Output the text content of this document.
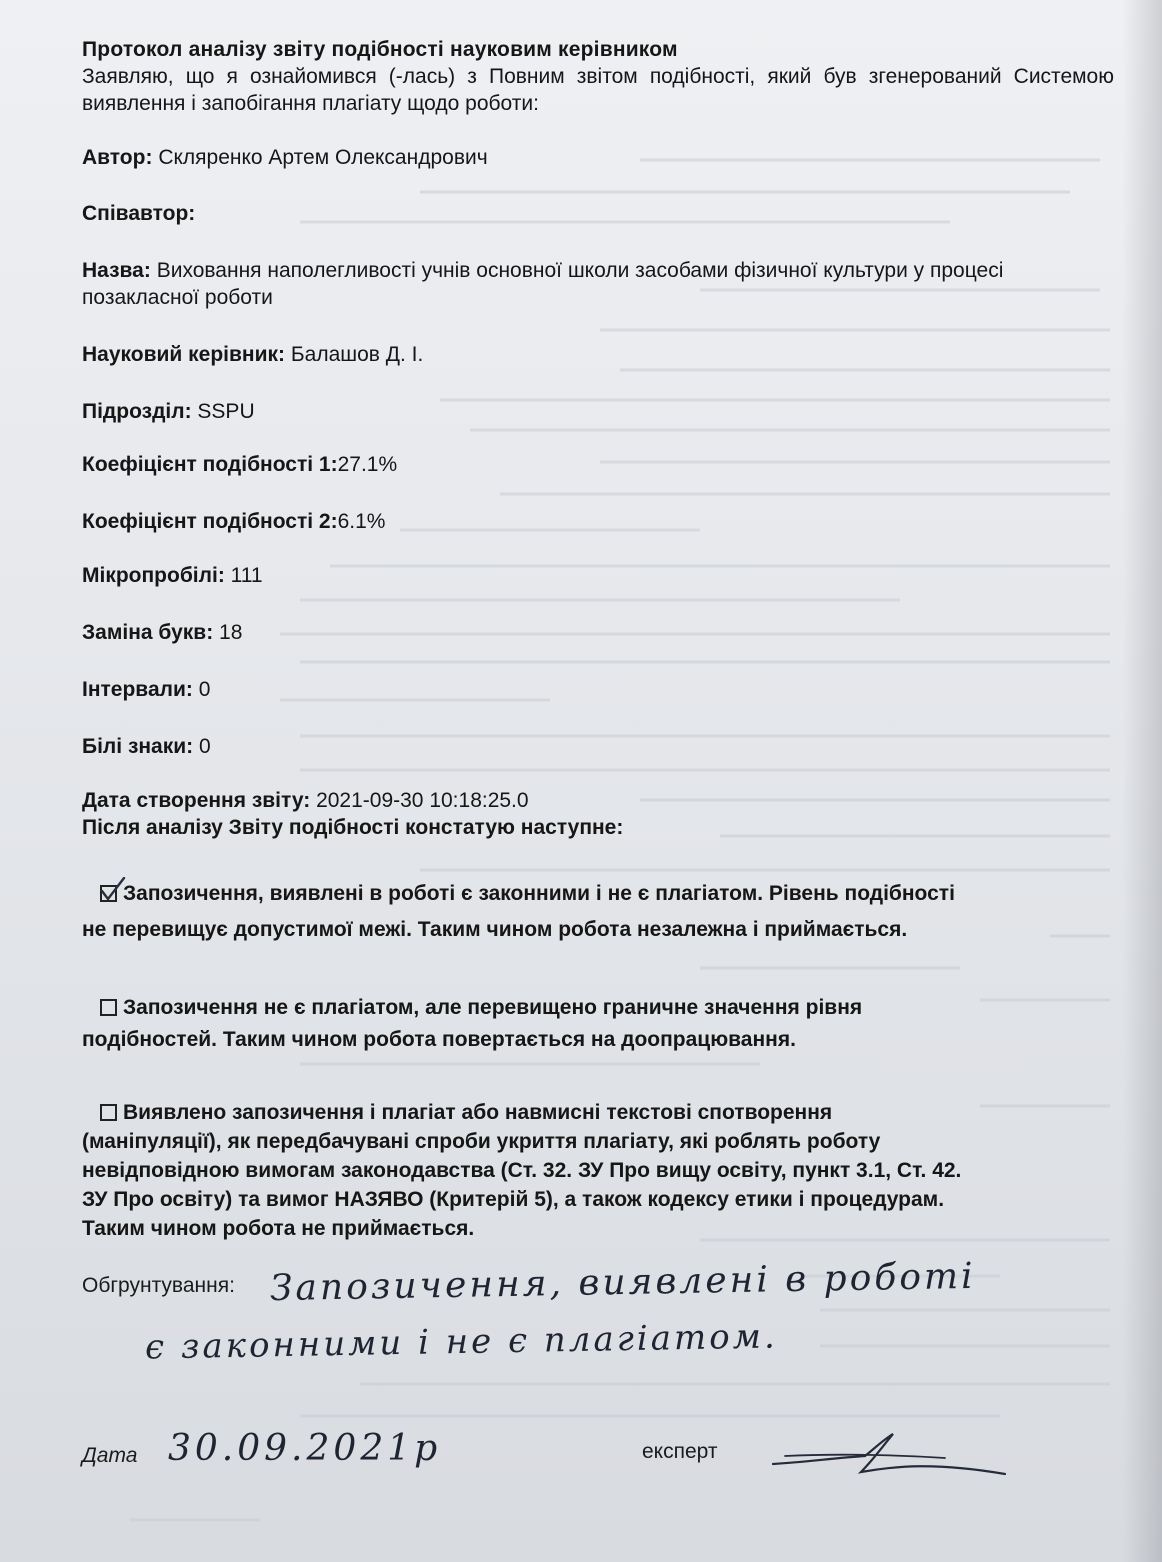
Протокол аналізу звіту подібності науковим керівником

Заявляю, що я ознайомився (-лась) з Повним звітом подібності, який був згенерований Системою виявлення і запобігання плагіату щодо роботи:

Автор: Скляренко Артем Олександрович

Співавтор:

Назва: Виховання наполегливості учнів основної школи засобами фізичної культури у процесі позакласної роботи

Науковий керівник: Балашов Д. І.

Підрозділ: SSPU

Коефіцієнт подібності 1:27.1%

Коефіцієнт подібності 2:6.1%

Мікропробілі: 111

Заміна букв: 18

Інтервали: 0

Білі знаки: 0

Дата створення звіту: 2021-09-30 10:18:25.0

Після аналізу Звіту подібності констатую наступне:

Запозичення, виявлені в роботі є законними і не є плагіатом. Рівень подібності
не перевищує допустимої межі. Таким чином робота незалежна і приймається.
Запозичення не є плагіатом, але перевищено граничне значення рівня
подібностей. Таким чином робота повертається на доопрацювання.
Виявлено запозичення і плагіат або навмисні текстові спотворення
(маніпуляції), як передбачувані спроби укриття плагіату, які роблять роботу
невідповідною вимогам законодавства (Ст. 32. ЗУ Про вищу освіту, пункт 3.1, Ст. 42.
ЗУ Про освіту) та вимог НАЗЯВО (Критерій 5), а також кодексу етики і процедурам.
Таким чином робота не приймається.
Обгрунтування: Запозичення, виявлені в роботі
є законними і не є плагіатом.
Дата 30.09.2021р	експерт
